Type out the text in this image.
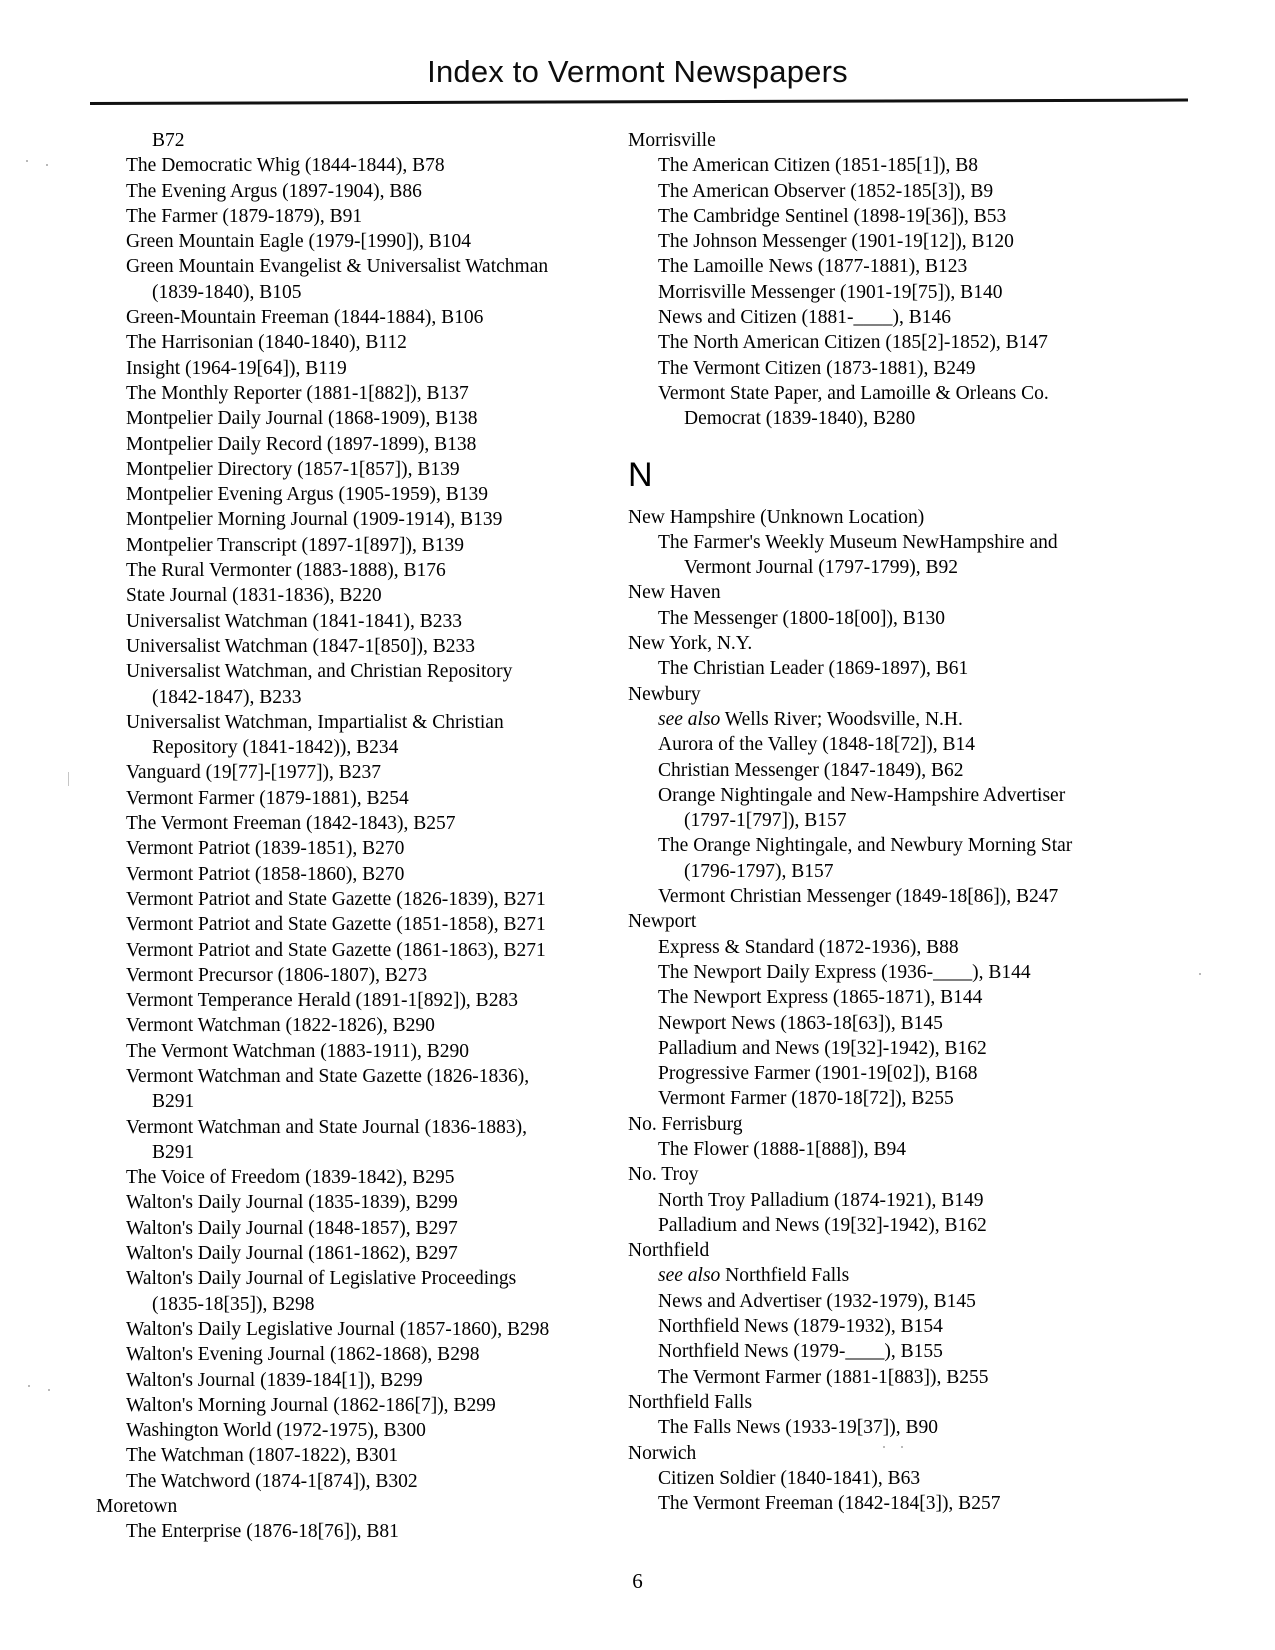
Index to Vermont Newspapers
B72
The Democratic Whig (1844-1844), B78
The Evening Argus (1897-1904), B86
The Farmer (1879-1879), B91
Green Mountain Eagle (1979-[1990]), B104
Green Mountain Evangelist & Universalist Watchman
(1839-1840), B105
Green-Mountain Freeman (1844-1884), B106
The Harrisonian (1840-1840), B112
Insight (1964-19[64]), B119
The Monthly Reporter (1881-1[882]), B137
Montpelier Daily Journal (1868-1909), B138
Montpelier Daily Record (1897-1899), B138
Montpelier Directory (1857-1[857]), B139
Montpelier Evening Argus (1905-1959), B139
Montpelier Morning Journal (1909-1914), B139
Montpelier Transcript (1897-1[897]), B139
The Rural Vermonter (1883-1888), B176
State Journal (1831-1836), B220
Universalist Watchman (1841-1841), B233
Universalist Watchman (1847-1[850]), B233
Universalist Watchman, and Christian Repository
(1842-1847), B233
Universalist Watchman, Impartialist & Christian
Repository (1841-1842)), B234
Vanguard (19[77]-[1977]), B237
Vermont Farmer (1879-1881), B254
The Vermont Freeman (1842-1843), B257
Vermont Patriot (1839-1851), B270
Vermont Patriot (1858-1860), B270
Vermont Patriot and State Gazette (1826-1839), B271
Vermont Patriot and State Gazette (1851-1858), B271
Vermont Patriot and State Gazette (1861-1863), B271
Vermont Precursor (1806-1807), B273
Vermont Temperance Herald (1891-1[892]), B283
Vermont Watchman (1822-1826), B290
The Vermont Watchman (1883-1911), B290
Vermont Watchman and State Gazette (1826-1836),
B291
Vermont Watchman and State Journal (1836-1883),
B291
The Voice of Freedom (1839-1842), B295
Walton's Daily Journal (1835-1839), B299
Walton's Daily Journal (1848-1857), B297
Walton's Daily Journal (1861-1862), B297
Walton's Daily Journal of Legislative Proceedings
(1835-18[35]), B298
Walton's Daily Legislative Journal (1857-1860), B298
Walton's Evening Journal (1862-1868), B298
Walton's Journal (1839-184[1]), B299
Walton's Morning Journal (1862-186[7]), B299
Washington World (1972-1975), B300
The Watchman (1807-1822), B301
The Watchword (1874-1[874]), B302
Moretown
The Enterprise (1876-18[76]), B81
Morrisville
The American Citizen (1851-185[1]), B8
The American Observer (1852-185[3]), B9
The Cambridge Sentinel (1898-19[36]), B53
The Johnson Messenger (1901-19[12]), B120
The Lamoille News (1877-1881), B123
Morrisville Messenger (1901-19[75]), B140
News and Citizen (1881-____), B146
The North American Citizen (185[2]-1852), B147
The Vermont Citizen (1873-1881), B249
Vermont State Paper, and Lamoille & Orleans Co.
Democrat (1839-1840), B280
N
New Hampshire (Unknown Location)
The Farmer's Weekly Museum NewHampshire and
Vermont Journal (1797-1799), B92
New Haven
The Messenger (1800-18[00]), B130
New York, N.Y.
The Christian Leader (1869-1897), B61
Newbury
see also Wells River; Woodsville, N.H.
Aurora of the Valley (1848-18[72]), B14
Christian Messenger (1847-1849), B62
Orange Nightingale and New-Hampshire Advertiser
(1797-1[797]), B157
The Orange Nightingale, and Newbury Morning Star
(1796-1797), B157
Vermont Christian Messenger (1849-18[86]), B247
Newport
Express & Standard (1872-1936), B88
The Newport Daily Express (1936-____), B144
The Newport Express (1865-1871), B144
Newport News (1863-18[63]), B145
Palladium and News (19[32]-1942), B162
Progressive Farmer (1901-19[02]), B168
Vermont Farmer (1870-18[72]), B255
No. Ferrisburg
The Flower (1888-1[888]), B94
No. Troy
North Troy Palladium (1874-1921), B149
Palladium and News (19[32]-1942), B162
Northfield
see also Northfield Falls
News and Advertiser (1932-1979), B145
Northfield News (1879-1932), B154
Northfield News (1979-____), B155
The Vermont Farmer (1881-1[883]), B255
Northfield Falls
The Falls News (1933-19[37]), B90
Norwich
Citizen Soldier (1840-1841), B63
The Vermont Freeman (1842-184[3]), B257
6
